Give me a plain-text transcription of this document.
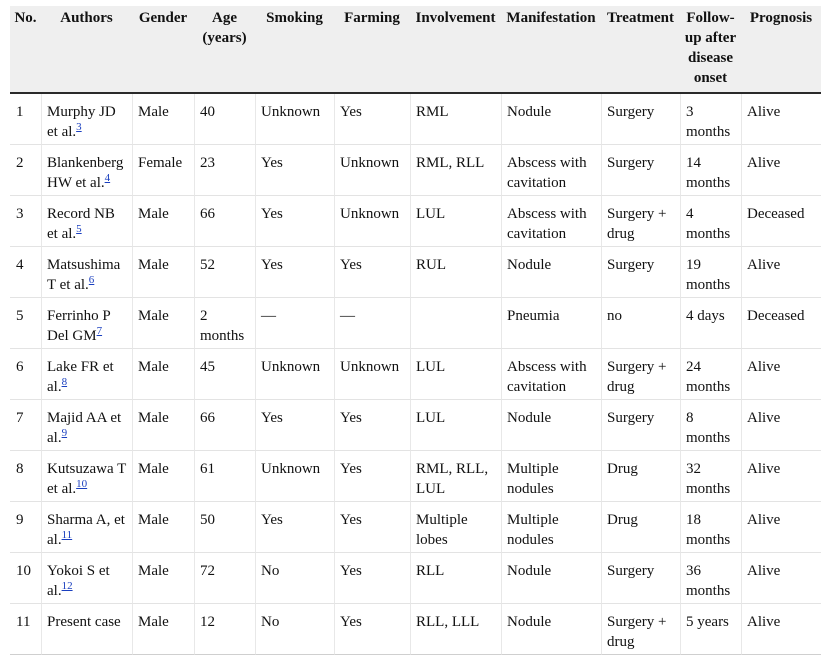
No.	Authors	Gender	Age (years)	Smoking	Farming	Involvement	Manifestation	Treatment	Follow-up after disease onset	Prognosis
1	Murphy JD et al.$^3$	Male	40	Unknown	Yes	RML	Nodule	Surgery	3 months	Alive
2	Blankenberg HW et al.$^4$	Female	23	Yes	Unknown	RML, RLL	Abscess with cavitation	Surgery	14 months	Alive
3	Record NB et al.$^5$	Male	66	Yes	Unknown	LUL	Abscess with cavitation	Surgery + drug	4 months	Deceased
4	Matsushima T et al.$^6$	Male	52	Yes	Yes	RUL	Nodule	Surgery	19 months	Alive
5	Ferrinho P Del GM$^7$	Male	2 months	—	—		Pneumia	no	4 days	Deceased
6	Lake FR et al.$^8$	Male	45	Unknown	Unknown	LUL	Abscess with cavitation	Surgery + drug	24 months	Alive
7	Majid AA et al.$^9$	Male	66	Yes	Yes	LUL	Nodule	Surgery	8 months	Alive
8	Kutsuzawa T et al.$^{10}$	Male	61	Unknown	Yes	RML, RLL, LUL	Multiple nodules	Drug	32 months	Alive
9	Sharma A, et al.$^{11}$	Male	50	Yes	Yes	Multiple lobes	Multiple nodules	Drug	18 months	Alive
10	Yokoi S et al.$^{12}$	Male	72	No	Yes	RLL	Nodule	Surgery	36 months	Alive
11	Present case	Male	12	No	Yes	RLL, LLL	Nodule	Surgery + drug	5 years	Alive
